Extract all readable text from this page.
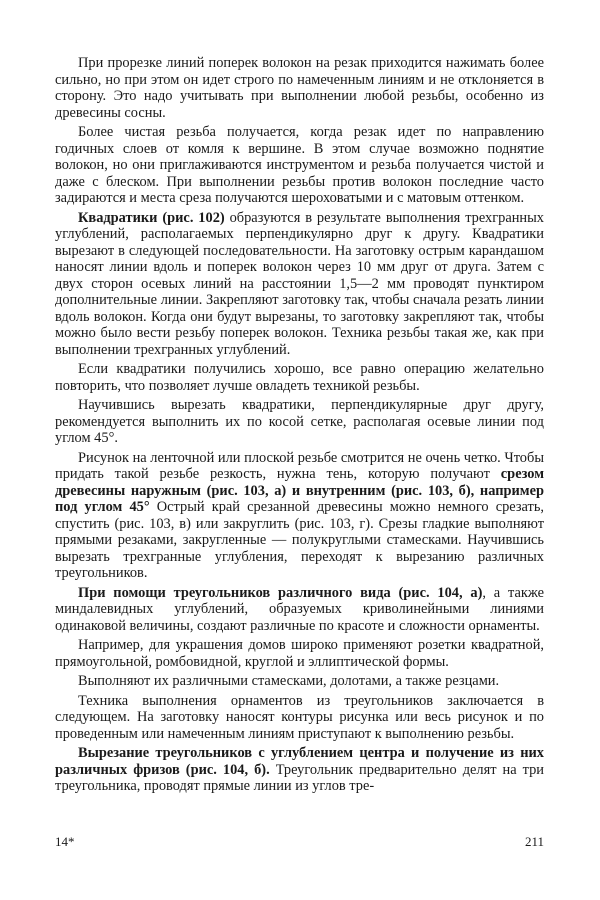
При прорезке линий поперек волокон на резак приходится нажимать более сильно, но при этом он идет строго по намеченным линиям и не отклоняется в сторону. Это надо учитывать при выполнении любой резьбы, особенно из древесины сосны.

Более чистая резьба получается, когда резак идет по направлению годичных слоев от комля к вершине. В этом случае возможно поднятие волокон, но они приглаживаются инструментом и резьба получается чистой и даже с блеском. При выполнении резьбы против волокон последние часто задираются и места среза получаются шероховатыми и с матовым оттенком.

Квадратики (рис. 102) образуются в результате выполнения трехгранных углублений, располагаемых перпендикулярно друг к другу. Квадратики вырезают в следующей последовательности. На заготовку острым карандашом наносят линии вдоль и поперек волокон через 10 мм друг от друга. Затем с двух сторон осевых линий на расстоянии 1,5—2 мм проводят пунктиром дополнительные линии. Закрепляют заготовку так, чтобы сначала резать линии вдоль волокон. Когда они будут вырезаны, то заготовку закрепляют так, чтобы можно было вести резьбу поперек волокон. Техника резьбы такая же, как при выполнении трехгранных углублений.

Если квадратики получились хорошо, все равно операцию желательно повторить, что позволяет лучше овладеть техникой резьбы.

Научившись вырезать квадратики, перпендикулярные друг другу, рекомендуется выполнить их по косой сетке, располагая осевые линии под углом 45°.

Рисунок на ленточной или плоской резьбе смотрится не очень четко. Чтобы придать такой резьбе резкость, нужна тень, которую получают срезом древесины наружным (рис. 103, а) и внутренним (рис. 103, б), например под углом 45° Острый край срезанной древесины можно немного срезать, спустить (рис. 103, в) или закруглить (рис. 103, г). Срезы гладкие выполняют прямыми резаками, закругленные — полукруглыми стамесками. Научившись вырезать трехгранные углубления, переходят к вырезанию различных треугольников.

При помощи треугольников различного вида (рис. 104, а), а также миндалевидных углублений, образуемых криволинейными линиями одинаковой величины, создают различные по красоте и сложности орнаменты.

Например, для украшения домов широко применяют розетки квадратной, прямоугольной, ромбовидной, круглой и эллиптической формы.

Выполняют их различными стамесками, долотами, а также резцами.

Техника выполнения орнаментов из треугольников заключается в следующем. На заготовку наносят контуры рисунка или весь рисунок и по проведенным или намеченным линиям приступают к выполнению резьбы.

Вырезание треугольников с углублением центра и получение из них различных фризов (рис. 104, б). Треугольник предварительно делят на три треугольника, проводят прямые линии из углов тре-

14*	211
